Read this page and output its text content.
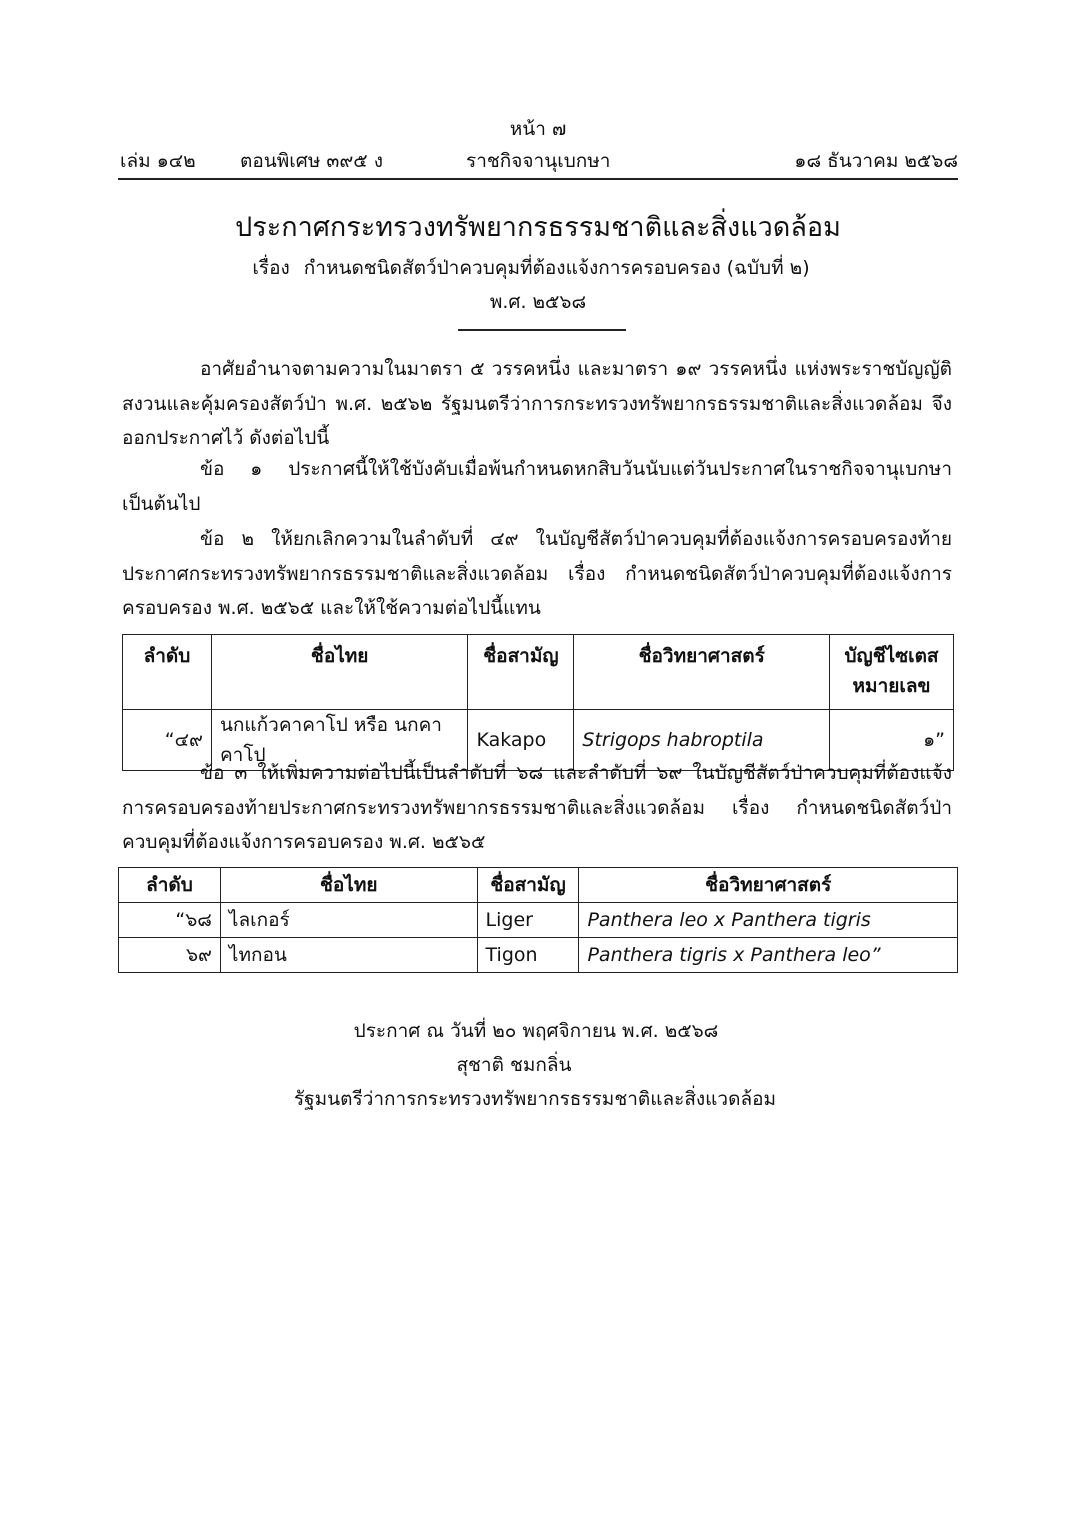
หน้า ๗
เล่ม ๑๔๒ ตอนพิเศษ ๓๙๕ ง	ราชกิจจานุเบกษา	๑๘ ธันวาคม ๒๕๖๘
ประกาศกระทรวงทรัพยากรธรรมชาติและสิ่งแวดล้อม
เรื่อง กำหนดชนิดสัตว์ป่าควบคุมที่ต้องแจ้งการครอบครอง (ฉบับที่ ๒)
พ.ศ. ๒๕๖๘
อาศัยอำนาจตามความในมาตรา ๕ วรรคหนึ่ง และมาตรา ๑๙ วรรคหนึ่ง แห่งพระราชบัญญัติสงวนและคุ้มครองสัตว์ป่า พ.ศ. ๒๕๖๒ รัฐมนตรีว่าการกระทรวงทรัพยากรธรรมชาติและสิ่งแวดล้อม จึงออกประกาศไว้ ดังต่อไปนี้
ข้อ ๑ ประกาศนี้ให้ใช้บังคับเมื่อพ้นกำหนดหกสิบวันนับแต่วันประกาศในราชกิจจานุเบกษาเป็นต้นไป
ข้อ ๒ ให้ยกเลิกความในลำดับที่ ๔๙ ในบัญชีสัตว์ป่าควบคุมที่ต้องแจ้งการครอบครองท้ายประกาศกระทรวงทรัพยากรธรรมชาติและสิ่งแวดล้อม เรื่อง กำหนดชนิดสัตว์ป่าควบคุมที่ต้องแจ้งการครอบครอง พ.ศ. ๒๕๖๕ และให้ใช้ความต่อไปนี้แทน
ลำดับ	ชื่อไทย	ชื่อสามัญ	ชื่อวิทยาศาสตร์	บัญชีไซเตส หมายเลข
“๔๙	นกแก้วคาคาโป หรือ นกคาคาโป	Kakapo	Strigops habroptila	๑”
ข้อ ๓ ให้เพิ่มความต่อไปนี้เป็นลำดับที่ ๖๘ และลำดับที่ ๖๙ ในบัญชีสัตว์ป่าควบคุมที่ต้องแจ้งการครอบครองท้ายประกาศกระทรวงทรัพยากรธรรมชาติและสิ่งแวดล้อม เรื่อง กำหนดชนิดสัตว์ป่าควบคุมที่ต้องแจ้งการครอบครอง พ.ศ. ๒๕๖๕
ลำดับ	ชื่อไทย	ชื่อสามัญ	ชื่อวิทยาศาสตร์
“๖๘	ไลเกอร์	Liger	Panthera leo x Panthera tigris
๖๙	ไทกอน	Tigon	Panthera tigris x Panthera leo”
ประกาศ ณ วันที่ ๒๐ พฤศจิกายน พ.ศ. ๒๕๖๘
สุชาติ ชมกลิ่น
รัฐมนตรีว่าการกระทรวงทรัพยากรธรรมชาติและสิ่งแวดล้อม
